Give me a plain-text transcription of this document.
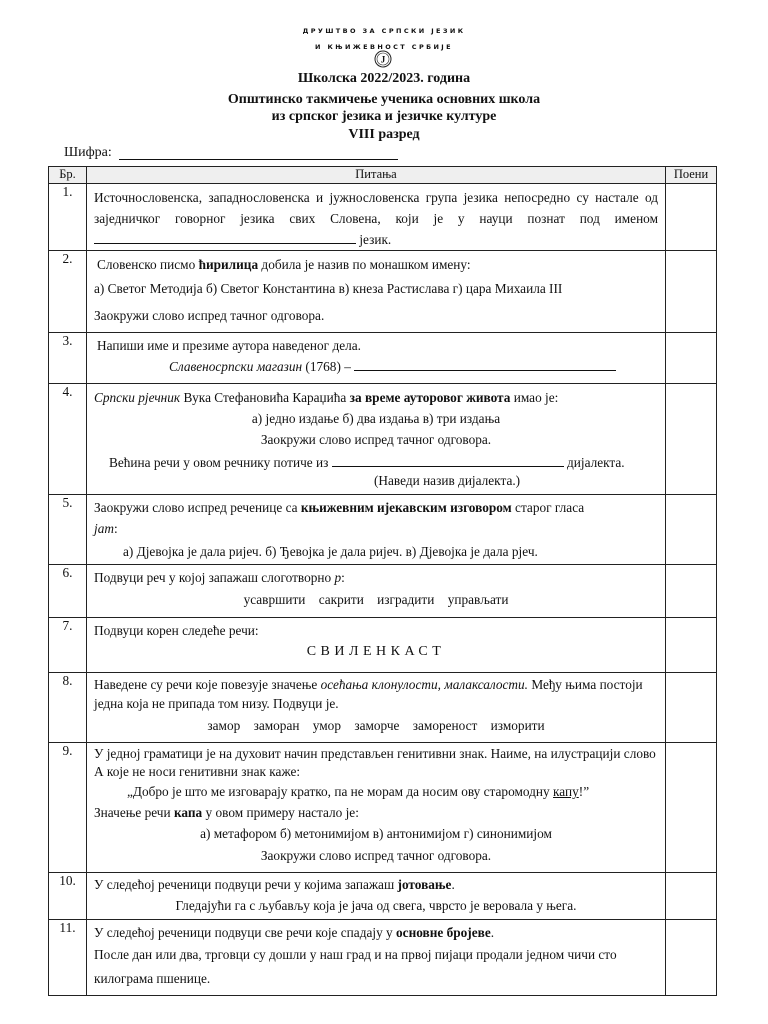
ДРУШТВО ЗА СРПСКИ ЈЕЗИК
И КЊИЖЕВНОСТ СРБИЈЕ
Ј
Школска 2022/2023. година
Општинско такмичење ученика основних школа
из српског језика и језичке културе
VIII разред
Шифра:
Бр.	Питања	Поени
1.	Источнословенска, западнословенска и јужнословенска група језика непосредно су настале од заједничког говорног језика свих Словена, који је у науци познат под именом  језик.	

2.	Словенско писмо ћирилица добила је назив по монашком имену:
а) Светог Методија б) Светог Константина в) кнеза Растислава г) цара Михаила III
Заокружи слово испред тачног одговора.	

3.	Напиши име и презиме аутора наведеног дела.
Славеносрпски магазин (1768) –	

4.	Српски рјечник Вука Стефановића Караџића за време ауторовог живота имао је:
а) једно издање б) два издања в) три издања
Заокружи слово испред тачног одговора.
Већина речи у овом речнику потиче из дијалекта.
(Наведи назив дијалекта.)	

5.	Заокружи слово испред реченице са књижевним ијекавским изговором старог гласа
јат:
а) Дјевојка је дала ријеч. б) Ђевојка је дала ријеч. в) Дјевојка је дала рјеч.	

6.	Подвуци реч у којој запажаш слоготворно р:
усавршити сакрити изградити управљати	

7.	Подвуци корен следеће речи:
СВИЛЕНКАСТ	

8.	Наведене су речи које повезује значење осећања клонулости, малаксалости. Међу њима постоји једна која не припада том низу. Подвуци је.
замор заморан умор заморче замореност изморити	

9.	У једној граматици је на духовит начин представљен генитивни знак. Наиме, на илустрацији слово А које не носи генитивни знак каже:
„Добро је што ме изговарају кратко, па не морам да носим ову старомодну капу!”
Значење речи капа у овом примеру настало је:
а) метафором б) метонимијом в) антонимијом г) синонимијом
Заокружи слово испред тачног одговора.	

10.	У следећој реченици подвуци речи у којима запажаш јотовање.
Гледајући га с љубављу која је јача од свега, чврсто је веровала у њега.	

11.	У следећој реченици подвуци све речи које спадају у основне бројеве.
После дан или два, трговци су дошли у наш град и на првој пијаци продали једном чичи сто килограма пшенице.	
